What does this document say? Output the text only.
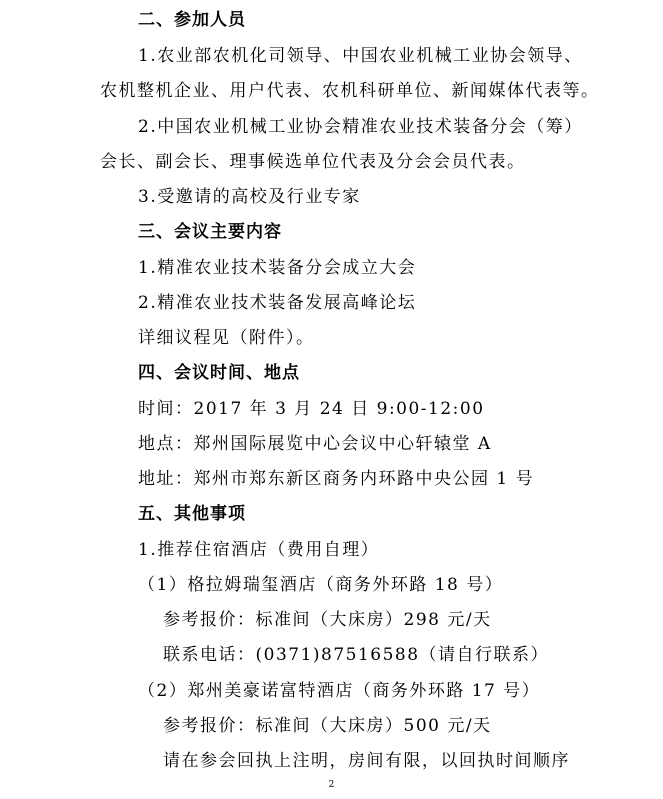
二、参加人员
1.农业部农机化司领导、中国农业机械工业协会领导、
农机整机企业、用户代表、农机科研单位、新闻媒体代表等。
2.中国农业机械工业协会精准农业技术装备分会（筹）
会长、副会长、理事候选单位代表及分会会员代表。
3.受邀请的高校及行业专家
三、会议主要内容
1.精准农业技术装备分会成立大会
2.精准农业技术装备发展高峰论坛
详细议程见（附件）。
四、会议时间、地点
时间：2017 年 3 月 24 日 9:00-12:00
地点：郑州国际展览中心会议中心轩辕堂 A
地址：郑州市郑东新区商务内环路中央公园 1 号
五、其他事项
1.推荐住宿酒店（费用自理）
（1）格拉姆瑞玺酒店（商务外环路 18 号）
参考报价：标准间（大床房）298 元/天
联系电话：(0371)87516588（请自行联系）
（2）郑州美豪诺富特酒店（商务外环路 17 号）
参考报价：标准间（大床房）500 元/天
请在参会回执上注明，房间有限，以回执时间顺序
2
